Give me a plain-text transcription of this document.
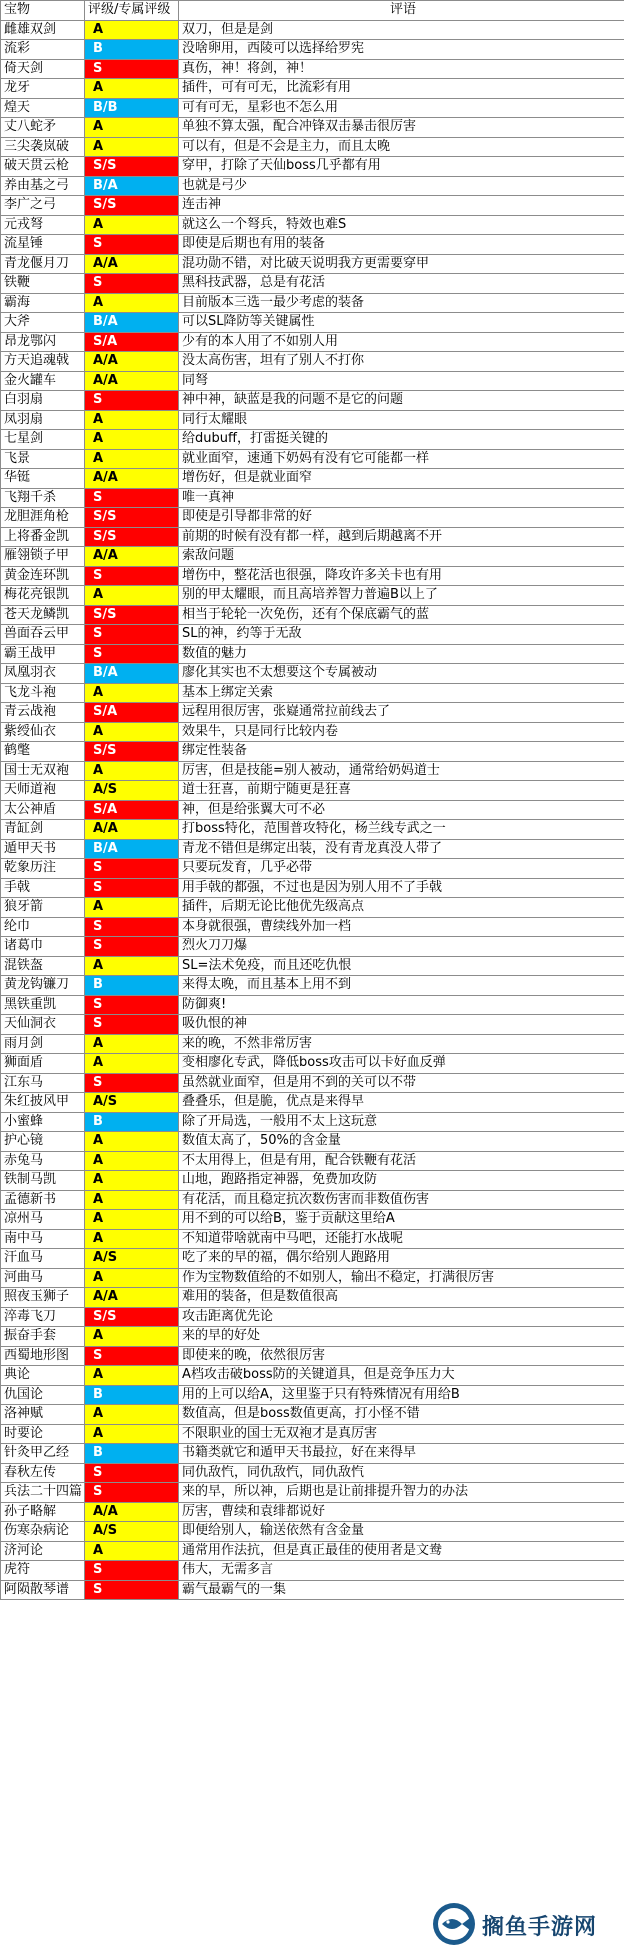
宝物	评级/专属评级	评语
雌雄双剑	A	双刀，但是是剑
流彩	B	没啥卵用，西陵可以选择给罗宪
倚天剑	S	真伤，神！将剑，神！
龙牙	A	插件，可有可无，比流彩有用
煌天	B/B	可有可无，星彩也不怎么用
丈八蛇矛	A	单独不算太强，配合冲锋双击暴击很厉害
三尖袭岚破	A	可以有，但是不会是主力，而且太晚
破天贯云枪	S/S	穿甲，打除了天仙boss几乎都有用
养由基之弓	B/A	也就是弓少
李广之弓	S/S	连击神
元戎弩	A	就这么一个弩兵，特效也难S
流星锤	S	即使是后期也有用的装备
青龙偃月刀	A/A	混功勋不错，对比破天说明我方更需要穿甲
铁鞭	S	黑科技武器，总是有花活
霸海	A	目前版本三选一最少考虑的装备
大斧	B/A	可以SL降防等关键属性
昂龙鄂闪	S/A	少有的本人用了不如别人用
方天追魂戟	A/A	没太高伤害，坦有了别人不打你
金火罐车	A/A	同弩
白羽扇	S	神中神，缺蓝是我的问题不是它的问题
凤羽扇	A	同行太耀眼
七星剑	A	给dubuff，打雷挺关键的
飞景	A	就业面窄，速通下奶妈有没有它可能都一样
华铤	A/A	增伤好，但是就业面窄
飞翔千杀	S	唯一真神
龙胆涯角枪	S/S	即使是引导都非常的好
上将番金凯	S/S	前期的时候有没有都一样，越到后期越离不开
雁翎锁子甲	A/A	索敌问题
黄金连环凯	S	增伤中，整花活也很强，降攻许多关卡也有用
梅花亮银凯	A	别的甲太耀眼，而且高培养智力普遍B以上了
苍天龙鳞凯	S/S	相当于轮轮一次免伤，还有个保底霸气的蓝
兽面吞云甲	S	SL的神，约等于无敌
霸王战甲	S	数值的魅力
凤凰羽衣	B/A	廖化其实也不太想要这个专属被动
飞龙斗袍	A	基本上绑定关索
青云战袍	S/A	远程用很厉害，张嶷通常拉前线去了
紫绶仙衣	A	效果牛，只是同行比较内卷
鹤氅	S/S	绑定性装备
国士无双袍	A	厉害，但是技能=别人被动，通常给奶妈道士
天师道袍	A/S	道士狂喜，前期宁随更是狂喜
太公神盾	S/A	神，但是给张翼大可不必
青缸剑	A/A	打boss特化，范围普攻特化，杨兰线专武之一
遁甲天书	B/A	青龙不错但是绑定出装，没有青龙真没人带了
乾象历注	S	只要玩发育，几乎必带
手戟	S	用手戟的都强，不过也是因为别人用不了手戟
狼牙箭	A	插件，后期无论比他优先级高点
纶巾	S	本身就很强，曹续线外加一档
诸葛巾	S	烈火刀刀爆
混铁盔	A	SL=法术免疫，而且还吃仇恨
黄龙钩镰刀	B	来得太晚，而且基本上用不到
黑铁重凯	S	防御爽!
天仙洞衣	S	吸仇恨的神
雨月剑	A	来的晚，不然非常厉害
狮面盾	A	变相廖化专武，降低boss攻击可以卡好血反弹
江东马	S	虽然就业面窄，但是用不到的关可以不带
朱红披风甲	A/S	叠叠乐，但是脆，优点是来得早
小蜜蜂	B	除了开局选，一般用不太上这玩意
护心镜	A	数值太高了，50%的含金量
赤兔马	A	不太用得上，但是有用，配合铁鞭有花活
铁制马凯	A	山地，跑路指定神器，免费加攻防
孟德新书	A	有花活，而且稳定抗次数伤害而非数值伤害
凉州马	A	用不到的可以给B，鉴于贡献这里给A
南中马	A	不知道带啥就南中马吧，还能打水战呢
汗血马	A/S	吃了来的早的福，偶尔给别人跑路用
河曲马	A	作为宝物数值给的不如别人，输出不稳定，打满很厉害
照夜玉狮子	A/A	难用的装备，但是数值很高
淬毒飞刀	S/S	攻击距离优先论
振奋手套	A	来的早的好处
西蜀地形图	S	即使来的晚，依然很厉害
典论	A	A档攻击破boss防的关键道具，但是竞争压力大
仇国论	B	用的上可以给A，这里鉴于只有特殊情况有用给B
洛神赋	A	数值高，但是boss数值更高，打小怪不错
时要论	A	不限职业的国士无双袍才是真厉害
针灸甲乙经	B	书籍类就它和遁甲天书最拉，好在来得早
春秋左传	S	同仇敌忾，同仇敌忾，同仇敌忾
兵法二十四篇	S	来的早，所以神，后期也是让前排提升智力的办法
孙子略解	A/A	厉害，曹续和袁绯都说好
伤寒杂病论	A/S	即便给别人，输送依然有含金量
济河论	A	通常用作法抗，但是真正最佳的使用者是文鸯
虎符	S	伟大，无需多言
阿陨散琴谱	S	霸气最霸气的一集
搁鱼手游网
